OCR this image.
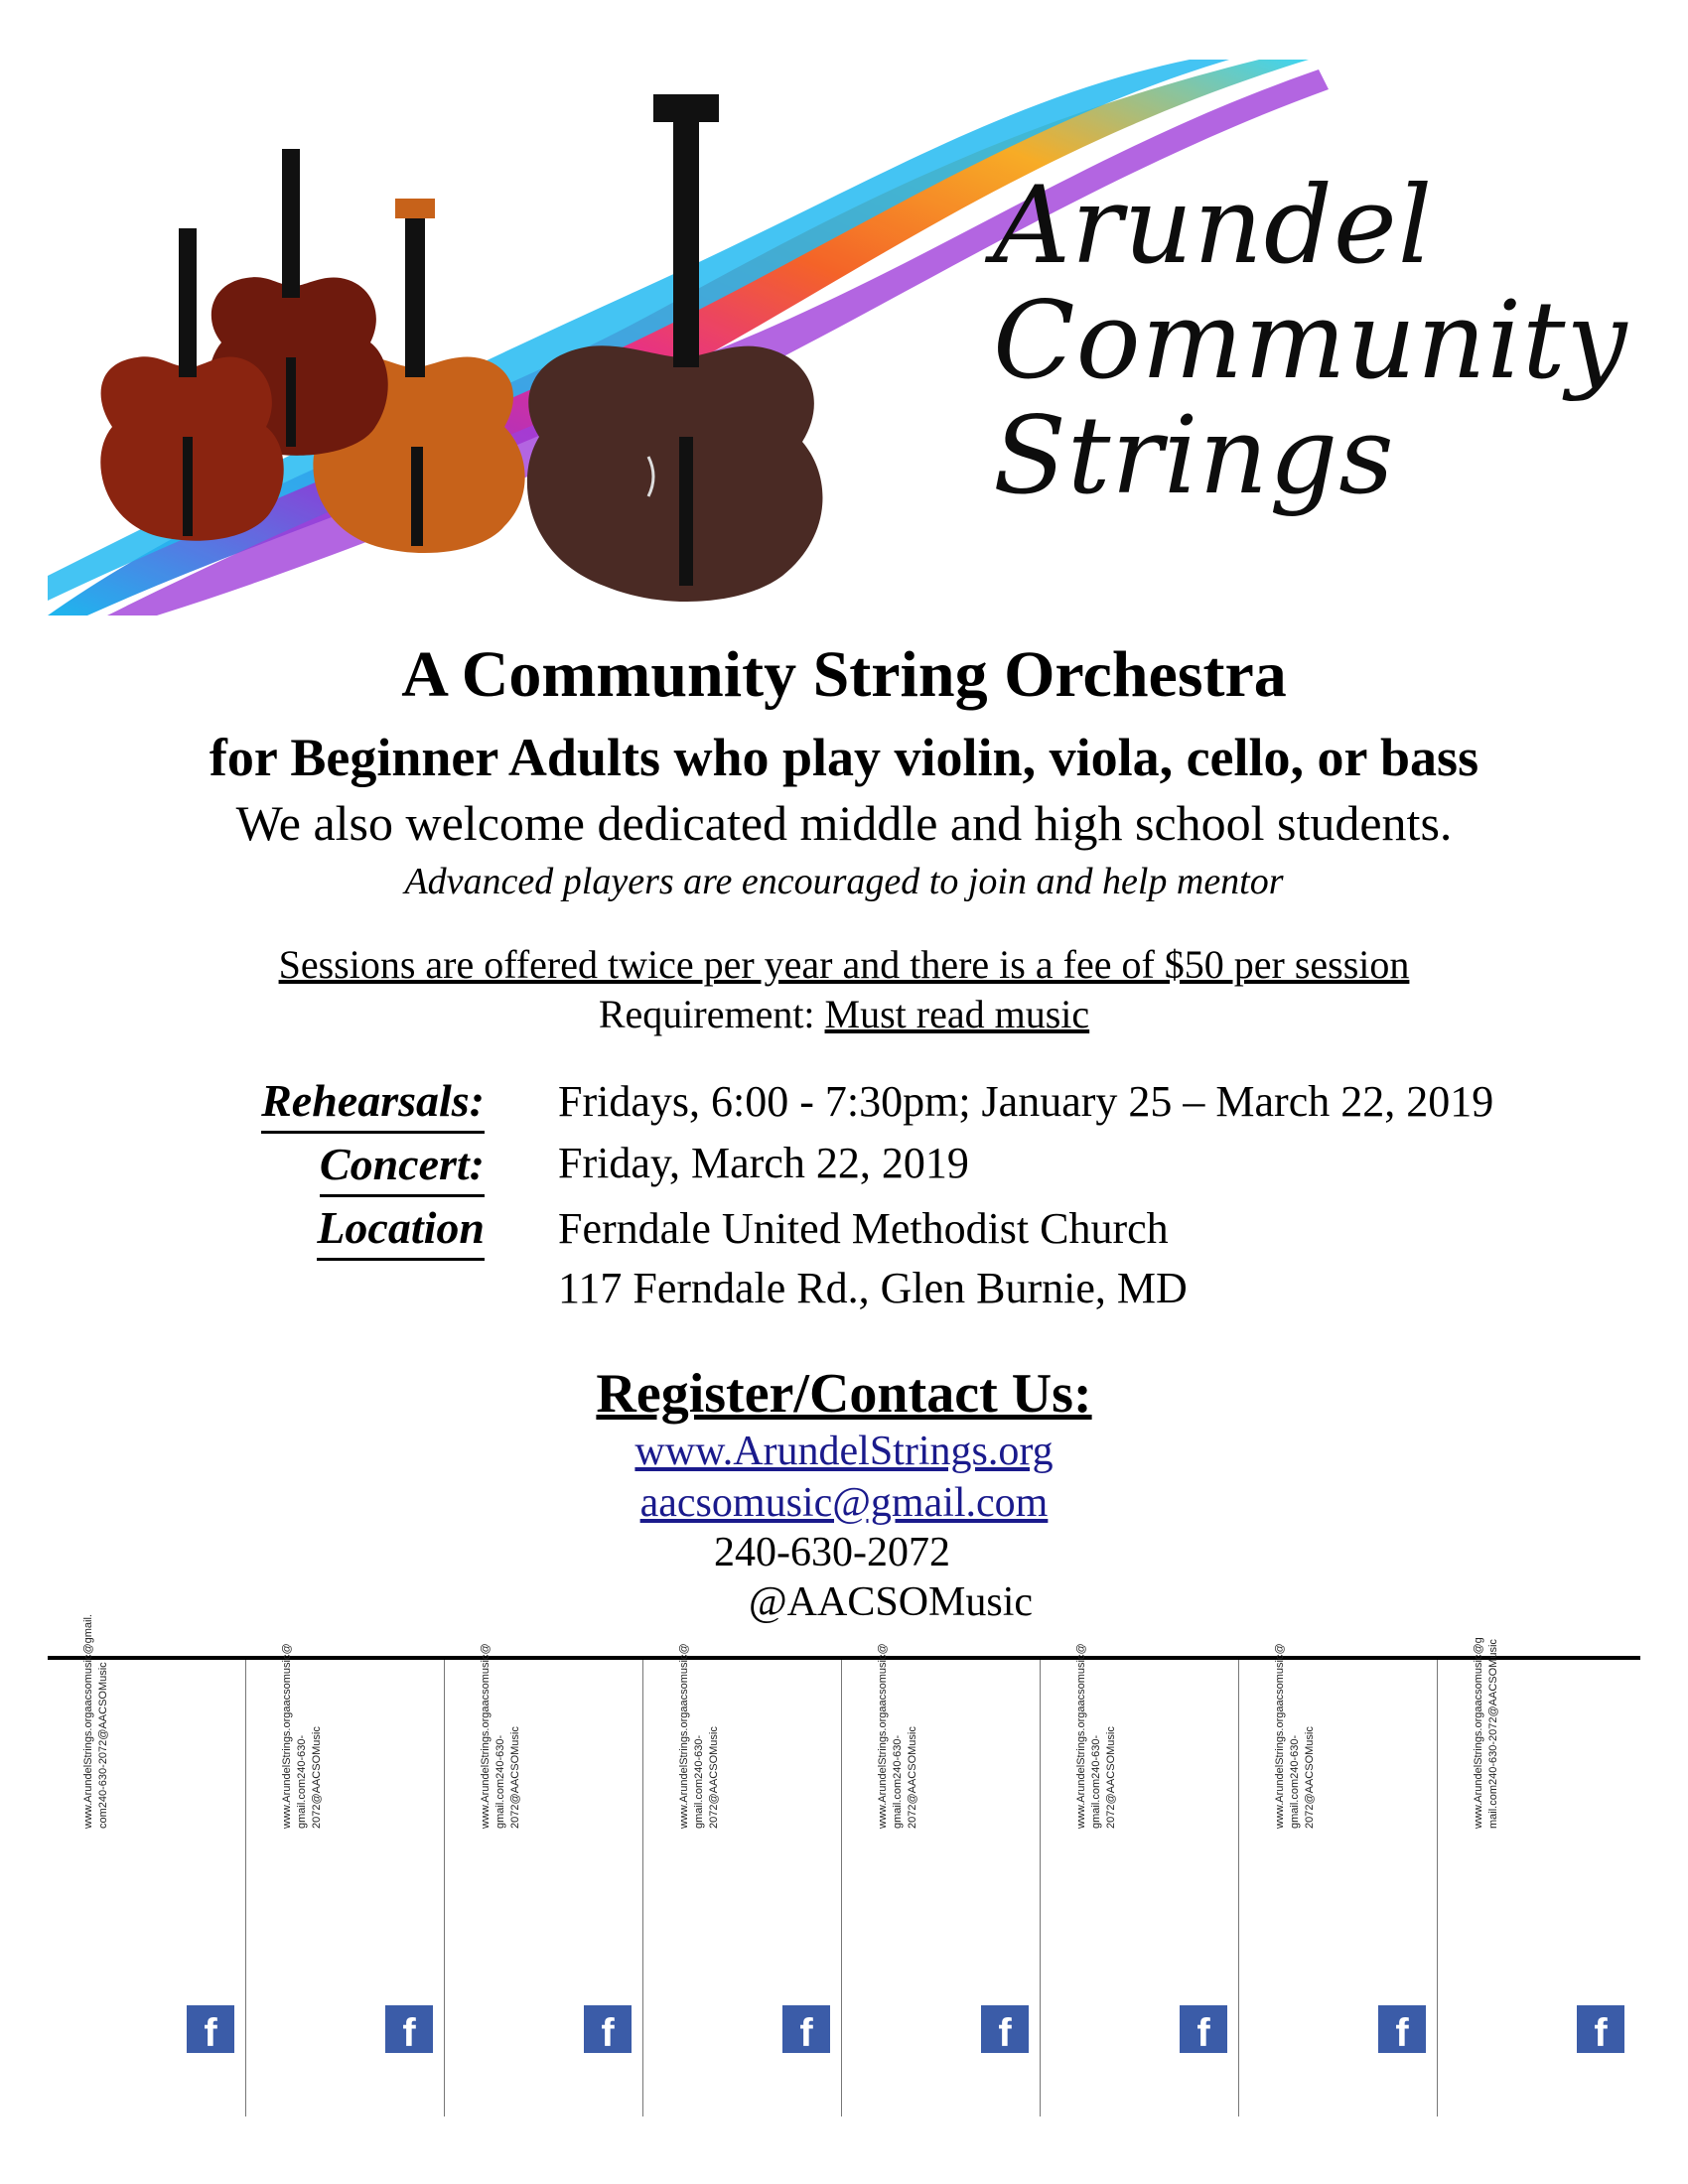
Arundel
Community
Strings
A Community String Orchestra
for Beginner Adults who play violin, viola, cello, or bass
We also welcome dedicated middle and high school students.
Advanced players are encouraged to join and help mentor
Sessions are offered twice per year and there is a fee of $50 per session
Requirement: Must read music
Rehearsals: Fridays, 6:00 - 7:30pm; January 25 – March 22, 2019
Concert: Friday, March 22, 2019
Location Ferndale United Methodist Church
117 Ferndale Rd., Glen Burnie, MD
Register/Contact Us:
www.ArundelStrings.org
aacsomusic@gmail.com
240-630-2072
@AACSOMusic
www.ArundelStrings.orgaacsomusic@gmail. com240-630-2072@AACSOMusic
f
www.ArundelStrings.orgaacsomusic@ gmail.com240-630- 2072@AACSOMusic
f
www.ArundelStrings.orgaacsomusic@ gmail.com240-630- 2072@AACSOMusic
f
www.ArundelStrings.orgaacsomusic@ gmail.com240-630- 2072@AACSOMusic
f
www.ArundelStrings.orgaacsomusic@ gmail.com240-630- 2072@AACSOMusic
f
www.ArundelStrings.orgaacsomusic@ gmail.com240-630- 2072@AACSOMusic
f
www.ArundelStrings.orgaacsomusic@ gmail.com240-630- 2072@AACSOMusic
f
www.ArundelStrings.orgaacsomusic@g mail.com240-630-2072@AACSOMusic
f
